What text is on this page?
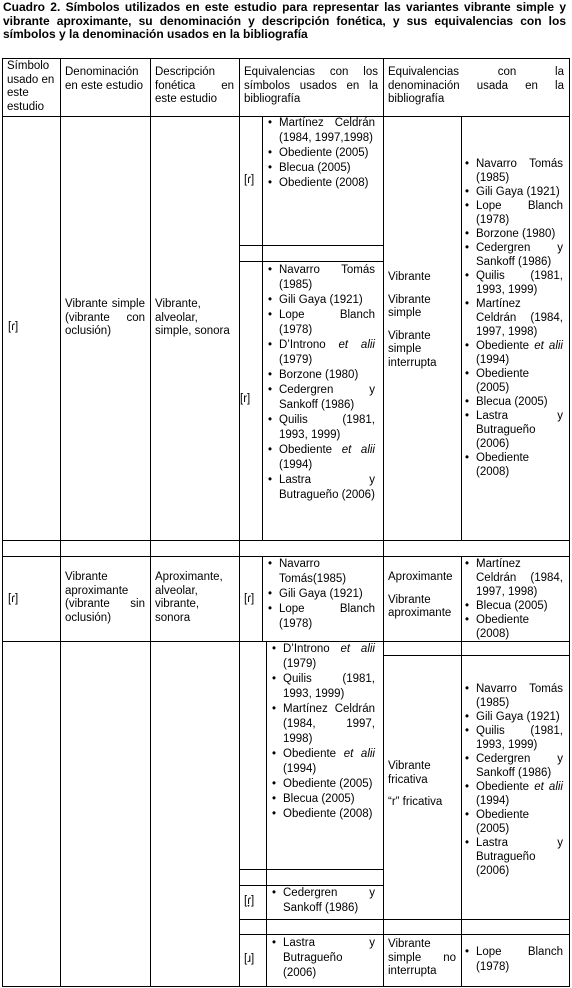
Cuadro 2. Símbolos utilizados en este estudio para representar las variantes vibrante simple y vibrante aproximante, su denominación y descripción fonética, y sus equivalencias con los símbolos y la denominación usados en la bibliografía
Símbolo usado en este estudio
Denominación en este estudio
Descripción fonética en este estudio
Equivalencias con los símbolos usados en la bibliografía
Equivalencias con la denominación usada en la bibliografía
[ɾ]
Vibrante simple (vibrante con oclusión)
Vibrante, alveolar, simple, sonora
[ɾ]
• Martínez Celdrán (1984, 1997,1998)
• Obediente (2005)
• Blecua (2005)
• Obediente (2008)
[r]
• Navarro Tomás (1985)
• Gili Gaya (1921)
• Lope Blanch (1978)
• D’Introno et alii (1979)
• Borzone (1980)
• Cedergren y Sankoff (1986)
• Quilis (1981, 1993, 1999)
• Obediente et alii (1994)
• Lastra y Butragueño (2006)
Vibrante
Vibrante simple
Vibrante simple interrupta
• Navarro Tomás (1985)
• Gili Gaya (1921)
• Lope Blanch (1978)
• Borzone (1980)
• Cedergren y Sankoff (1986)
• Quilis (1981, 1993, 1999)
• Martínez Celdrán (1984, 1997, 1998)
• Obediente et alii (1994)
• Obediente (2005)
• Blecua (2005)
• Lastra y Butragueño (2006)
• Obediente (2008)
[ɾ]
Vibrante aproximante (vibrante sin oclusión)
Aproximante, alveolar, vibrante, sonora
[ɾ]
• Navarro Tomás(1985)
• Gili Gaya (1921)
• Lope Blanch (1978)
Aproximante
Vibrante aproximante
• Martínez Celdrán (1984, 1997, 1998)
• Blecua (2005)
• Obediente (2008)
• D’Introno et alii (1979)
• Quilis (1981, 1993, 1999)
• Martínez Celdrán (1984, 1997, 1998)
• Obediente et alii (1994)
• Obediente (2005)
• Blecua (2005)
• Obediente (2008)
[ɾ̞]
• Cedergren y Sankoff (1986)
[ɹ]
• Lastra y Butragueño (2006)
Vibrante fricativa
“r” fricativa
• Navarro Tomás (1985)
• Gili Gaya (1921)
• Quilis (1981, 1993, 1999)
• Cedergren y Sankoff (1986)
• Obediente et alii (1994)
• Obediente (2005)
• Lastra y Butragueño (2006)
Vibrante simple no interrupta
• Lope Blanch (1978)
